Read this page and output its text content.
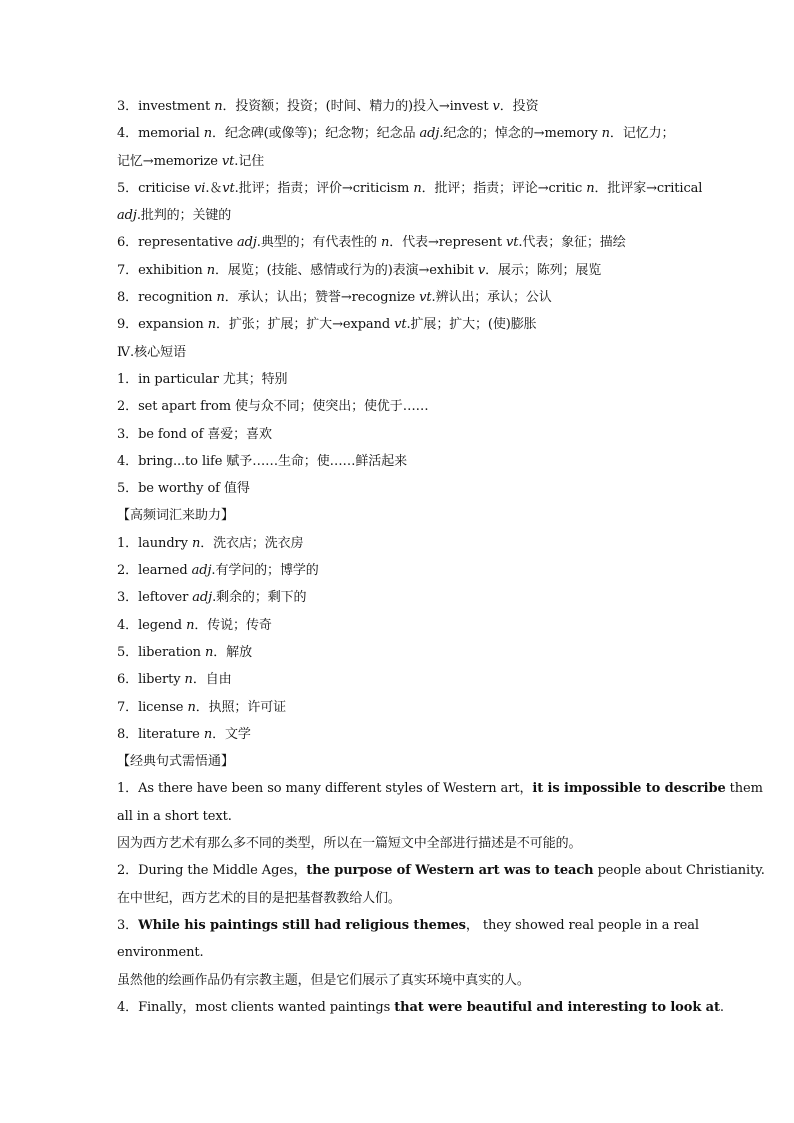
3．investment n．投资额；投资；(时间、精力的)投入→invest v．投资
4．memorial n．纪念碑(或像等)；纪念物；纪念品 adj.纪念的；悼念的→memory n．记忆力；
记忆→memorize vt.记住
5．criticise vi.＆vt.批评；指责；评价→criticism n．批评；指责；评论→critic n．批评家→critical
adj.批判的；关键的
6．representative adj.典型的；有代表性的 n．代表→represent vt.代表；象征；描绘
7．exhibition n．展览；(技能、感情或行为的)表演→exhibit v．展示；陈列；展览
8．recognition n．承认；认出；赞誉→recognize vt.辨认出；承认；公认
9．expansion n．扩张；扩展；扩大→expand vt.扩展；扩大；(使)膨胀
Ⅳ.核心短语
1．in particular 尤其；特别
2．set apart from 使与众不同；使突出；使优于……
3．be fond of 喜爱；喜欢
4．bring...to life 赋予……生命；使……鲜活起来
5．be worthy of 值得
【高频词汇来助力】
1．laundry n．洗衣店；洗衣房
2．learned adj.有学问的；博学的
3．leftover adj.剩余的；剩下的
4．legend n．传说；传奇
5．liberation n．解放
6．liberty n．自由
7．license n．执照；许可证
8．literature n．文学
【经典句式需悟通】
1．As there have been so many different styles of Western art，it is impossible to describe them
all in a short text.
因为西方艺术有那么多不同的类型，所以在一篇短文中全部进行描述是不可能的。
2．During the Middle Ages，the purpose of Western art was to teach people about Christianity.
在中世纪，西方艺术的目的是把基督教教给人们。
3．While his paintings still had religious themes， they showed real people in a real
environment.
虽然他的绘画作品仍有宗教主题，但是它们展示了真实环境中真实的人。
4．Finally，most clients wanted paintings that were beautiful and interesting to look at.
